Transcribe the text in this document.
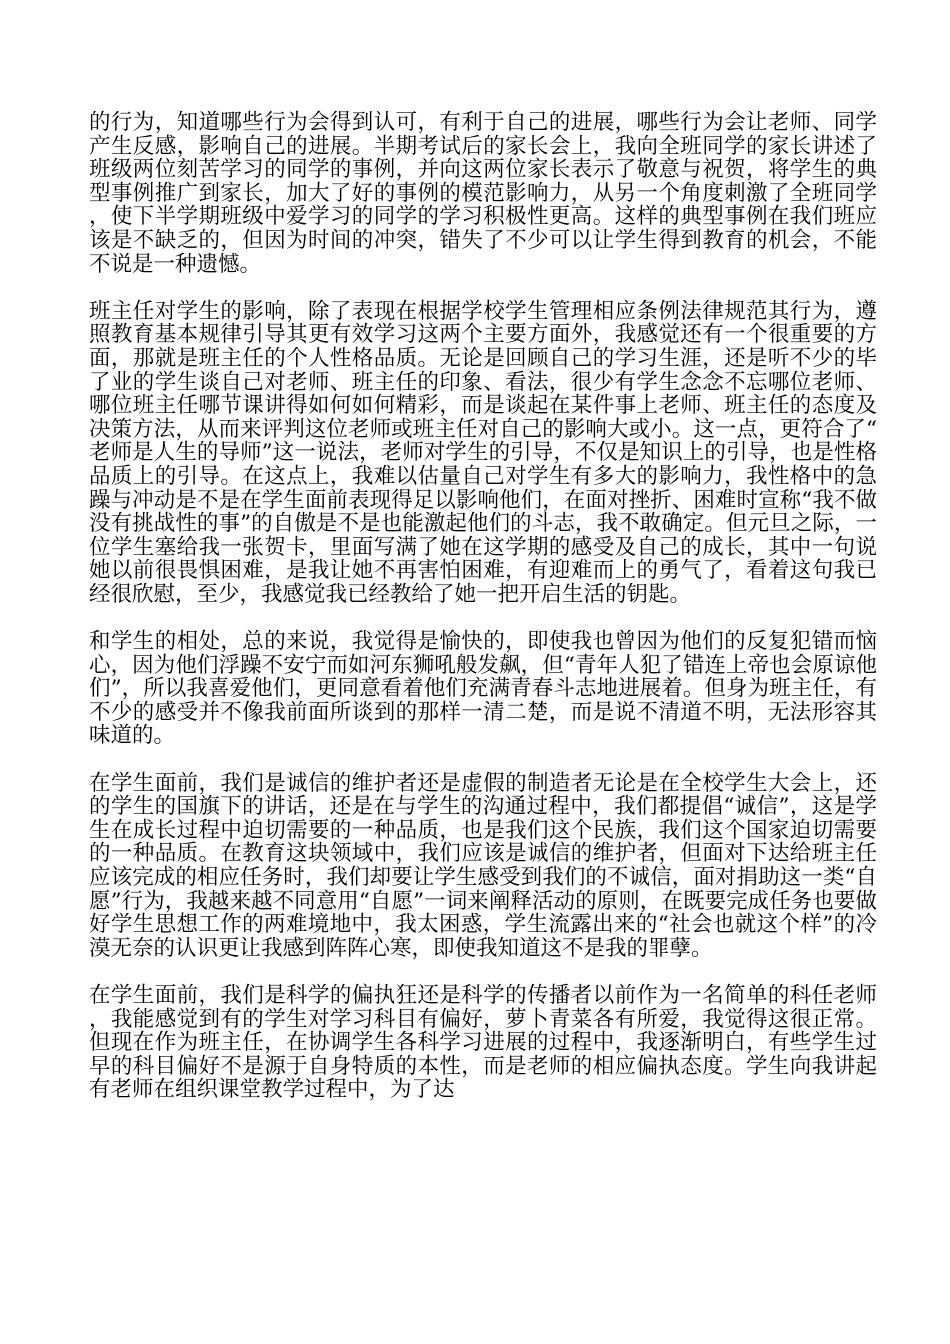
的行为，知道哪些行为会得到认可，有利于自己的进展，哪些行为会让老师、同学产生反感，影响自己的进展。半期考试后的家长会上，我向全班同学的家长讲述了班级两位刻苦学习的同学的事例，并向这两位家长表示了敬意与祝贺，将学生的典型事例推广到家长，加大了好的事例的模范影响力，从另一个角度刺激了全班同学，使下半学期班级中爱学习的同学的学习积极性更高。这样的典型事例在我们班应该是不缺乏的，但因为时间的冲突，错失了不少可以让学生得到教育的机会，不能不说是一种遗憾。

班主任对学生的影响，除了表现在根据学校学生管理相应条例法律规范其行为，遵照教育基本规律引导其更有效学习这两个主要方面外，我感觉还有一个很重要的方面，那就是班主任的个人性格品质。无论是回顾自己的学习生涯，还是听不少的毕了业的学生谈自己对老师、班主任的印象、看法，很少有学生念念不忘哪位老师、哪位班主任哪节课讲得如何如何精彩，而是谈起在某件事上老师、班主任的态度及决策方法，从而来评判这位老师或班主任对自己的影响大或小。这一点，更符合了“老师是人生的导师”这一说法，老师对学生的引导，不仅是知识上的引导，也是性格品质上的引导。在这点上，我难以估量自己对学生有多大的影响力，我性格中的急躁与冲动是不是在学生面前表现得足以影响他们，在面对挫折、困难时宣称“我不做没有挑战性的事”的自傲是不是也能激起他们的斗志，我不敢确定。但元旦之际，一位学生塞给我一张贺卡，里面写满了她在这学期的感受及自己的成长，其中一句说她以前很畏惧困难，是我让她不再害怕困难，有迎难而上的勇气了，看着这句我已经很欣慰，至少，我感觉我已经教给了她一把开启生活的钥匙。

和学生的相处，总的来说，我觉得是愉快的，即使我也曾因为他们的反复犯错而恼心，因为他们浮躁不安宁而如河东狮吼般发飙，但“青年人犯了错连上帝也会原谅他们”，所以我喜爱他们，更同意看着他们充满青春斗志地进展着。但身为班主任，有不少的感受并不像我前面所谈到的那样一清二楚，而是说不清道不明，无法形容其味道的。

在学生面前，我们是诚信的维护者还是虚假的制造者无论是在全校学生大会上，还的学生的国旗下的讲话，还是在与学生的沟通过程中，我们都提倡“诚信”，这是学生在成长过程中迫切需要的一种品质，也是我们这个民族，我们这个国家迫切需要的一种品质。在教育这块领域中，我们应该是诚信的维护者，但面对下达给班主任应该完成的相应任务时，我们却要让学生感受到我们的不诚信，面对捐助这一类“自愿”行为，我越来越不同意用“自愿”一词来阐释活动的原则，在既要完成任务也要做好学生思想工作的两难境地中，我太困惑，学生流露出来的“社会也就这个样”的冷漠无奈的认识更让我感到阵阵心寒，即使我知道这不是我的罪孽。

在学生面前，我们是科学的偏执狂还是科学的传播者以前作为一名简单的科任老师，我能感觉到有的学生对学习科目有偏好，萝卜青菜各有所爱，我觉得这很正常。但现在作为班主任，在协调学生各科学习进展的过程中，我逐渐明白，有些学生过早的科目偏好不是源于自身特质的本性，而是老师的相应偏执态度。学生向我讲起有老师在组织课堂教学过程中，为了达
